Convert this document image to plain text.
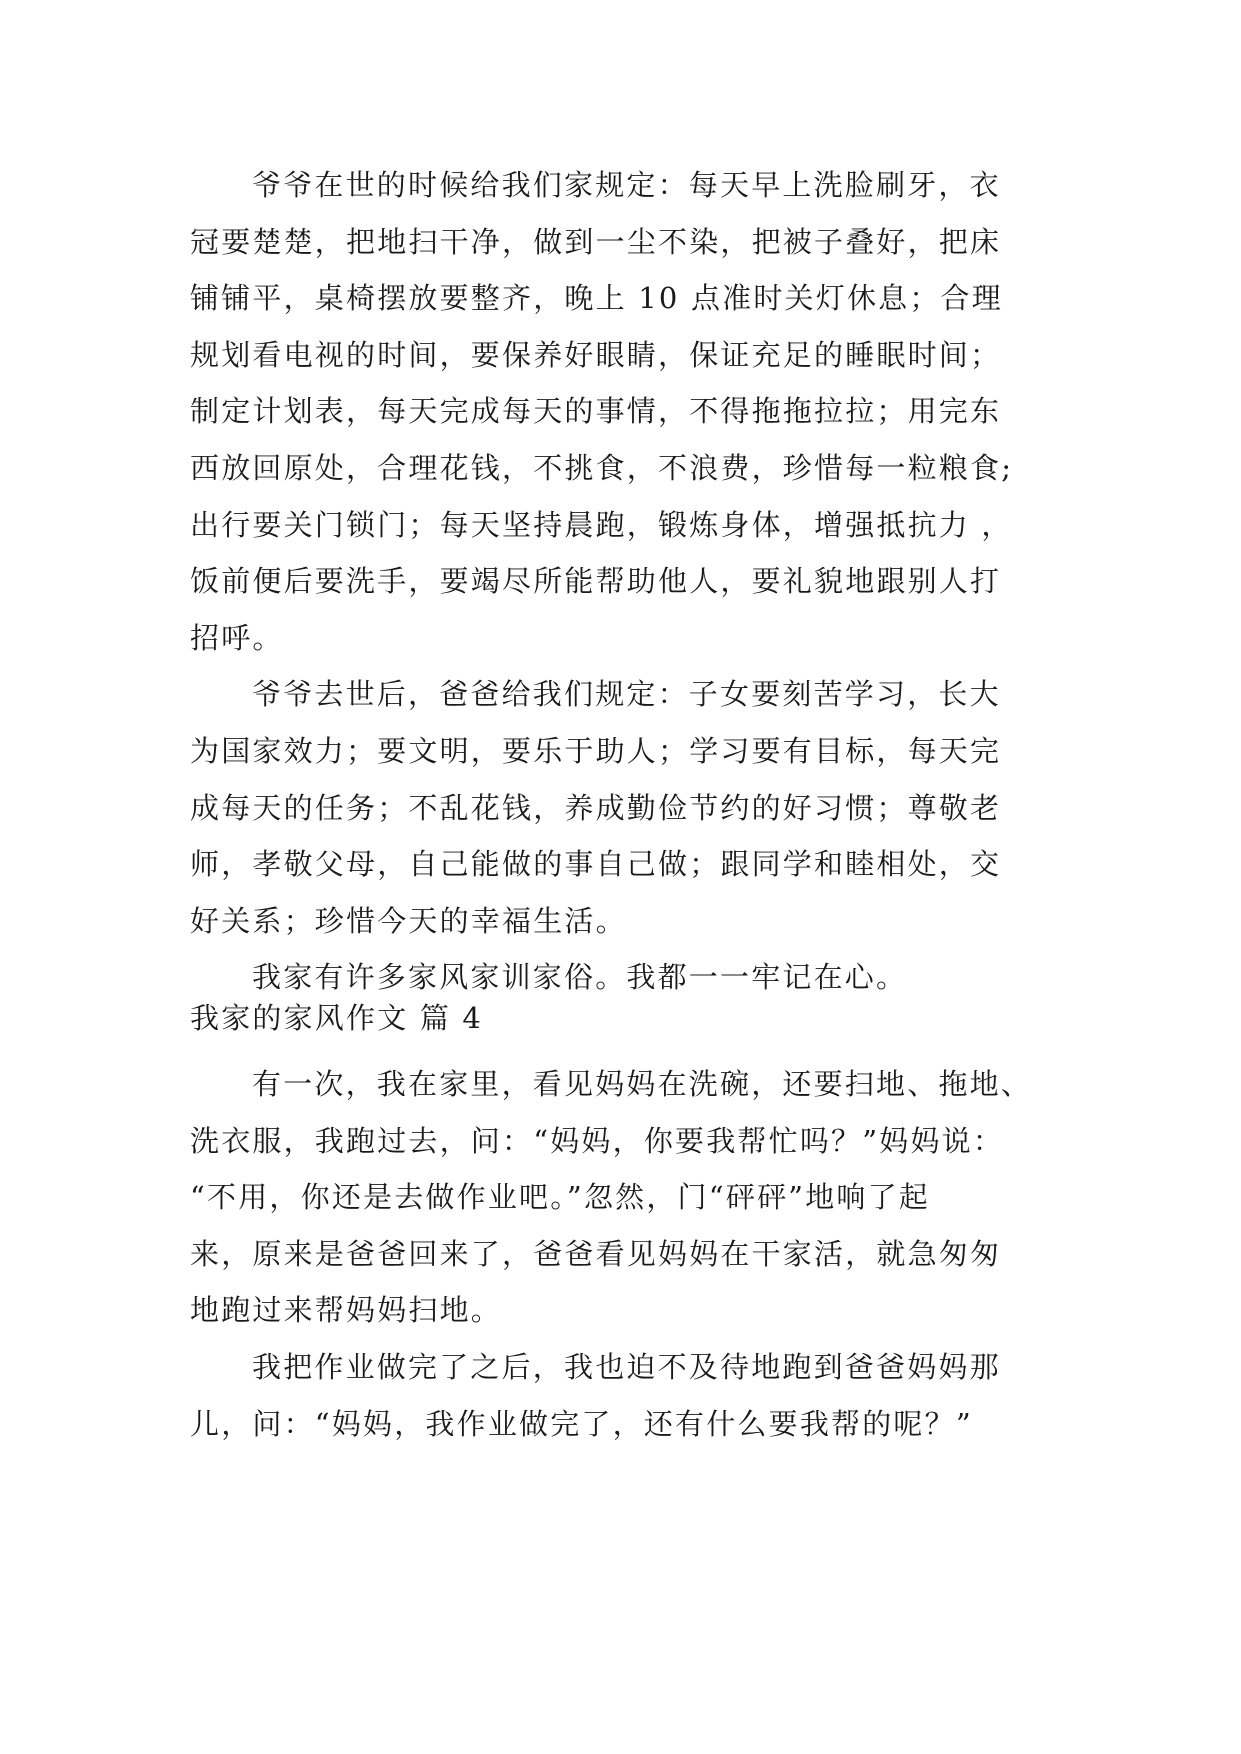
爷爷在世的时候给我们家规定：每天早上洗脸刷牙，衣
冠要楚楚，把地扫干净，做到一尘不染，把被子叠好，把床
铺铺平，桌椅摆放要整齐，晚上 10 点准时关灯休息；合理
规划看电视的时间，要保养好眼睛，保证充足的睡眠时间；
制定计划表，每天完成每天的事情，不得拖拖拉拉；用完东
西放回原处，合理花钱，不挑食，不浪费，珍惜每一粒粮食;
出行要关门锁门；每天坚持晨跑，锻炼身体，增强抵抗力 ，
饭前便后要洗手，要竭尽所能帮助他人，要礼貌地跟别人打
招呼。
爷爷去世后，爸爸给我们规定：子女要刻苦学习，长大
为国家效力；要文明，要乐于助人；学习要有目标，每天完
成每天的任务；不乱花钱，养成勤俭节约的好习惯；尊敬老
师，孝敬父母，自己能做的事自己做；跟同学和睦相处，交
好关系；珍惜今天的幸福生活。
我家有许多家风家训家俗。我都一一牢记在心。
我家的家风作文 篇 4
有一次，我在家里，看见妈妈在洗碗，还要扫地、拖地、
洗衣服，我跑过去，问：“妈妈，你要我帮忙吗？”妈妈说：
“不用，你还是去做作业吧。”忽然，门“砰砰”地响了起
来，原来是爸爸回来了，爸爸看见妈妈在干家活，就急匆匆
地跑过来帮妈妈扫地。
我把作业做完了之后，我也迫不及待地跑到爸爸妈妈那
儿，问：“妈妈，我作业做完了，还有什么要我帮的呢？”
